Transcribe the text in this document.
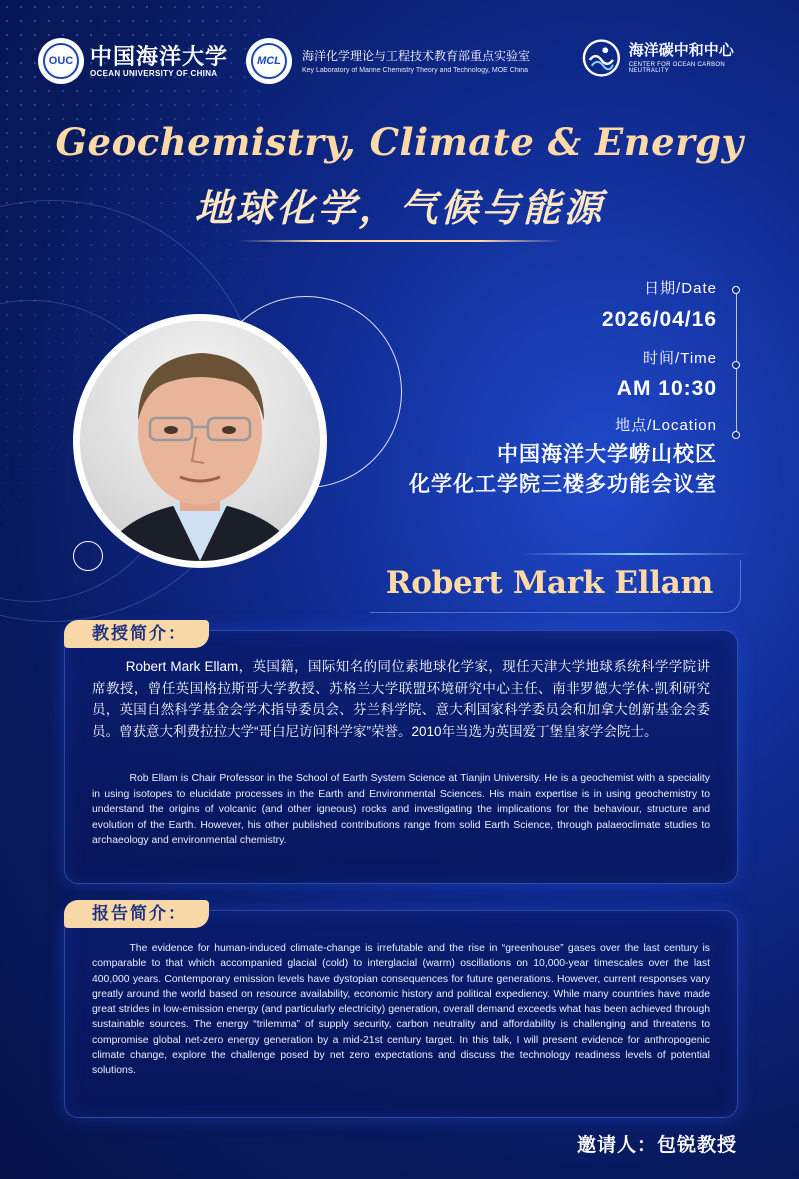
OUC 中国海洋大学
OCEAN UNIVERSITY OF CHINA
MCL	海洋化学理论与工程技术教育部重点实验室
Key Laboratory of Marine Chemistry Theory and Technology, MOE China
海洋碳中和中心
CENTER FOR OCEAN CARBON NEUTRALITY
Geochemistry, Climate & Energy
地球化学，气候与能源
日期/Date
2026/04/16
时间/Time
AM 10:30
地点/Location
中国海洋大学崂山校区
化学化工学院三楼多功能会议室
Robert Mark Ellam
教授简介：
Robert Mark Ellam，英国籍，国际知名的同位素地球化学家，现任天津大学地球系统科学学院讲席教授，曾任英国格拉斯哥大学教授、苏格兰大学联盟环境研究中心主任、南非罗德大学休·凯利研究员，英国自然科学基金会学术指导委员会、芬兰科学院、意大利国家科学委员会和加拿大创新基金会委员。曾获意大利费拉拉大学“哥白尼访问科学家”荣誉。2010年当选为英国爱丁堡皇家学会院士。
Rob Ellam is Chair Professor in the School of Earth System Science at Tianjin University. He is a geochemist with a speciality in using isotopes to elucidate processes in the Earth and Environmental Sciences. His main expertise is in using geochemistry to understand the origins of volcanic (and other igneous) rocks and investigating the implications for the behaviour, structure and evolution of the Earth. However, his other published contributions range from solid Earth Science, through palaeoclimate studies to archaeology and environmental chemistry.
报告简介：
The evidence for human-induced climate-change is irrefutable and the rise in “greenhouse” gases over the last century is comparable to that which accompanied glacial (cold) to interglacial (warm) oscillations on 10,000-year timescales over the last 400,000 years. Contemporary emission levels have dystopian consequences for future generations. However, current responses vary greatly around the world based on resource availability, economic history and political expediency. While many countries have made great strides in low-emission energy (and particularly electricity) generation, overall demand exceeds what has been achieved through sustainable sources. The energy “trilemma” of supply security, carbon neutrality and affordability is challenging and threatens to compromise global net-zero energy generation by a mid-21st century target. In this talk, I will present evidence for anthropogenic climate change, explore the challenge posed by net zero expectations and discuss the technology readiness levels of potential solutions.
邀请人：包锐教授
